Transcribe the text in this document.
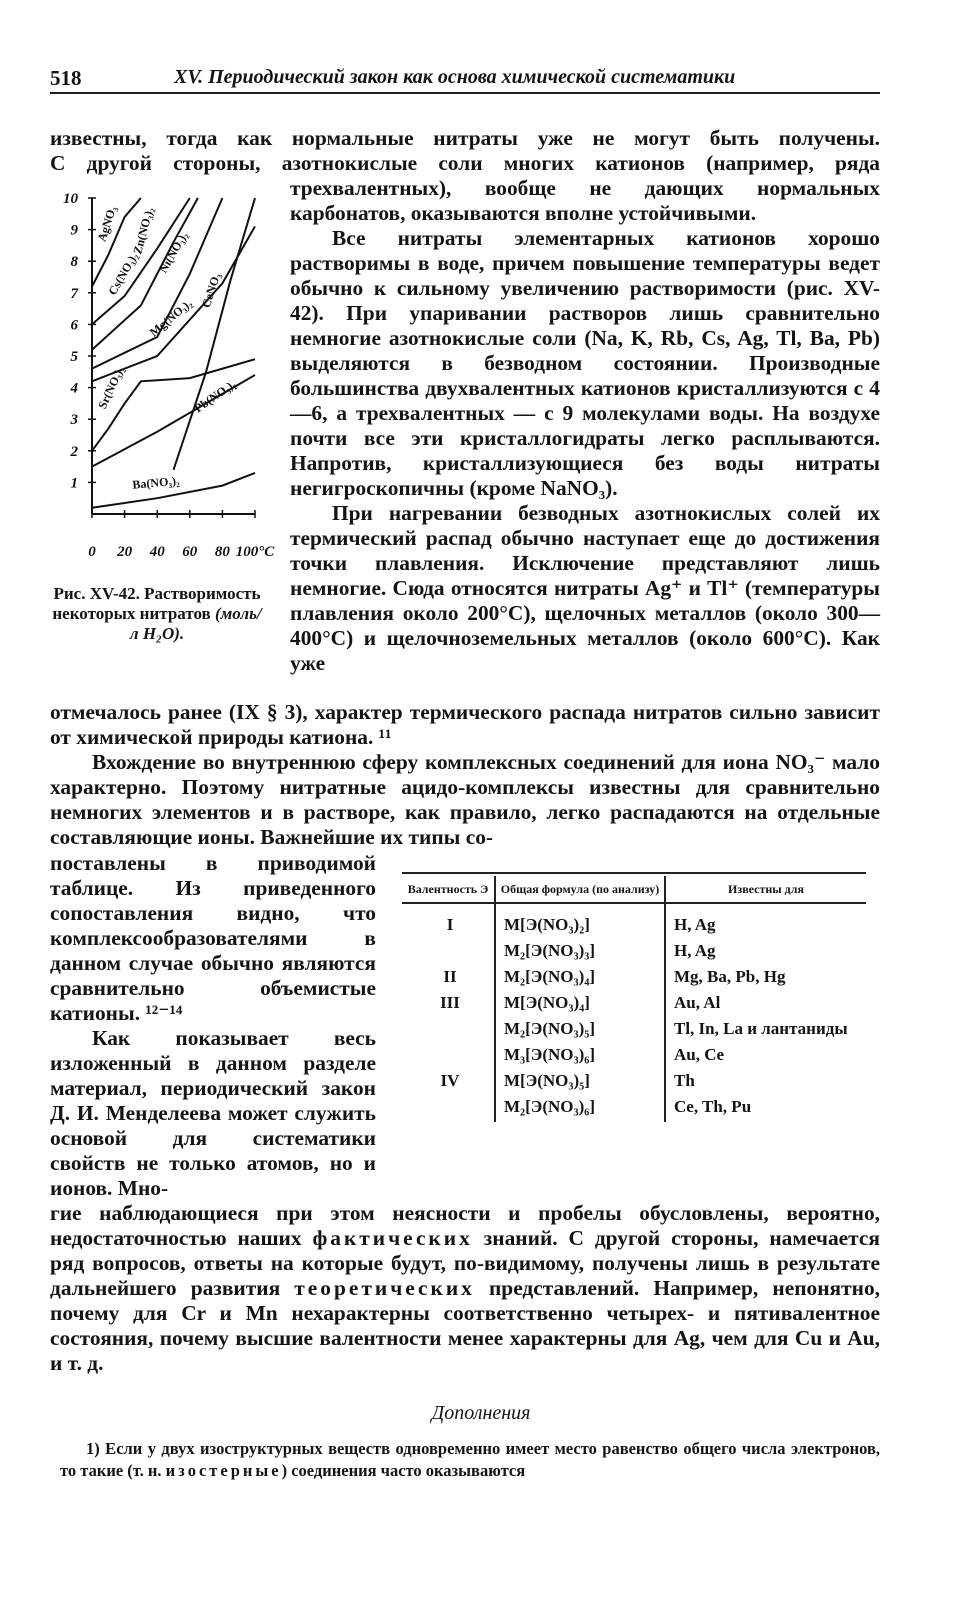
518	XV. Периодический закон как основа химической систематики

известны, тогда как нормальные нитраты уже не могут быть получены.

С другой стороны, азотнокислые соли многих катионов (например, ряда

1
2
3
4
5
6
7
8
9
10
0 20 40 60 80 100°C
AgNO₃
Cs(NO₃)₂
Zn(NO₃)₂ Ni(NO₃)₂
Mg(NO₃)₂
CeNO₃
Sr(NO₃)₂	Pb(NO₃)₂
Ba(NO₃)₂
Рис. XV-42. Растворимость некоторых нитратов (моль/л H₂O).

трехвалентных), вообще не дающих нормальных карбонатов, оказываются вполне устойчивыми.

Все нитраты элементарных катионов хорошо растворимы в воде, причем повышение температуры ведет обычно к сильному увеличению растворимости (рис. XV-42). При упаривании растворов лишь сравнительно немногие азотнокислые соли (Na, K, Rb, Cs, Ag, Tl, Ba, Pb) выделяются в безводном состоянии. Производные большинства двухвалентных катионов кристаллизуются с 4—6, а трехвалентных — с 9 молекулами воды. На воздухе почти все эти кристаллогидраты легко расплываются. Напротив, кристаллизующиеся без воды нитраты негигроскопичны (кроме NaNO₃).

При нагревании безводных азотнокислых солей их термический распад обычно наступает еще до достижения точки плавления. Исключение представляют лишь немногие. Сюда относятся нитраты Ag⁺ и Tl⁺ (температуры плавления около 200°C), щелочных металлов (около 300—400°C) и щелочноземельных металлов (около 600°C). Как уже

отмечалось ранее (IX § 3), характер термического распада нитратов сильно зависит от химической природы катиона. ¹¹

Вхождение во внутреннюю сферу комплексных соединений для иона NO₃⁻ мало характерно. Поэтому нитратные ацидо-комплексы известны для сравнительно немногих элементов и в растворе, как правило, легко распадаются на отдельные составляющие ионы. Важнейшие их типы со-

поставлены в приводимой таблице. Из приведенного сопоставления видно, что комплексообразователями в данном случае обычно являются сравнительно объемистые катионы. ¹²⁻¹⁴

Как показывает весь изложенный в данном разделе материал, периодический закон Д. И. Менделеева может служить основой для систематики свойств не только атомов, но и ионов. Мно-

Валентность Э	Общая формула (по анализу)	Известны для
I	M[Э(NO₃)₂]	H, Ag
	M₂[Э(NO₃)₃]	H, Ag
II	M₂[Э(NO₃)₄]	Mg, Ba, Pb, Hg
III	M[Э(NO₃)₄]	Au, Al
	M₂[Э(NO₃)₅]	Tl, In, La и лантаниды
	M₃[Э(NO₃)₆]	Au, Ce
IV	M[Э(NO₃)₅]	Th
	M₂[Э(NO₃)₆]	Ce, Th, Pu

гие наблюдающиеся при этом неясности и пробелы обусловлены, вероятно, недостаточностью наших фактических знаний. С другой стороны, намечается ряд вопросов, ответы на которые будут, по-видимому, получены лишь в результате дальнейшего развития теоретических представлений. Например, непонятно, почему для Cr и Mn нехарактерны соответственно четырех- и пятивалентное состояния, почему высшие валентности менее характерны для Ag, чем для Cu и Au, и т. д.

Дополнения
1) Если у двух изоструктурных веществ одновременно имеет место равенство общего числа электронов, то такие (т. н. изостерные) соединения часто оказываются
